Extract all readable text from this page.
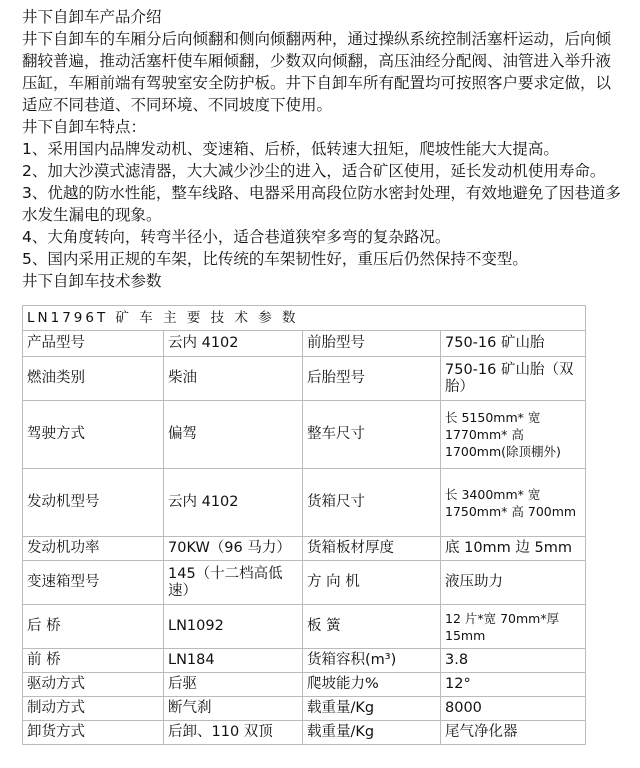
井下自卸车产品介绍

井下自卸车的车厢分后向倾翻和侧向倾翻两种，通过操纵系统控制活塞杆运动，后向倾翻较普遍，推动活塞杆使车厢倾翻，少数双向倾翻，高压油经分配阀、油管进入举升液压缸，车厢前端有驾驶室安全防护板。井下自卸车所有配置均可按照客户要求定做，以适应不同巷道、不同环境、不同坡度下使用。

井下自卸车特点：

1、采用国内品牌发动机、变速箱、后桥，低转速大扭矩，爬坡性能大大提高。

2、加大沙漠式滤清器，大大减少沙尘的进入，适合矿区使用，延长发动机使用寿命。

3、优越的防水性能，整车线路、电器采用高段位防水密封处理，有效地避免了因巷道多水发生漏电的现象。

4、大角度转向，转弯半径小，适合巷道狭窄多弯的复杂路况。

5、国内采用正规的车架，比传统的车架韧性好，重压后仍然保持不变型。

井下自卸车技术参数

LN1796T 矿 车 主 要 技 术 参 数			
产品型号	云内 4102	前胎型号	750-16 矿山胎
燃油类别	柴油	后胎型号	750-16 矿山胎（双胎）
驾驶方式	偏驾	整车尺寸	长 5150mm* 宽 1770mm* 高 1700mm(除顶棚外)
发动机型号	云内 4102	货箱尺寸	长 3400mm* 宽 1750mm* 高 700mm
发动机功率	70KW（96 马力）	货箱板材厚度	底 10mm 边 5mm
变速箱型号	145（十二档高低速）	方 向 机	液压助力
后 桥	LN1092	板 簧	12 片*宽 70mm*厚 15mm
前 桥	LN184	货箱容积(m³)	3.8
驱动方式	后驱	爬坡能力%	12°
制动方式	断气刹	载重量/Kg	8000
卸货方式	后卸、110 双顶	载重量/Kg	尾气净化器
